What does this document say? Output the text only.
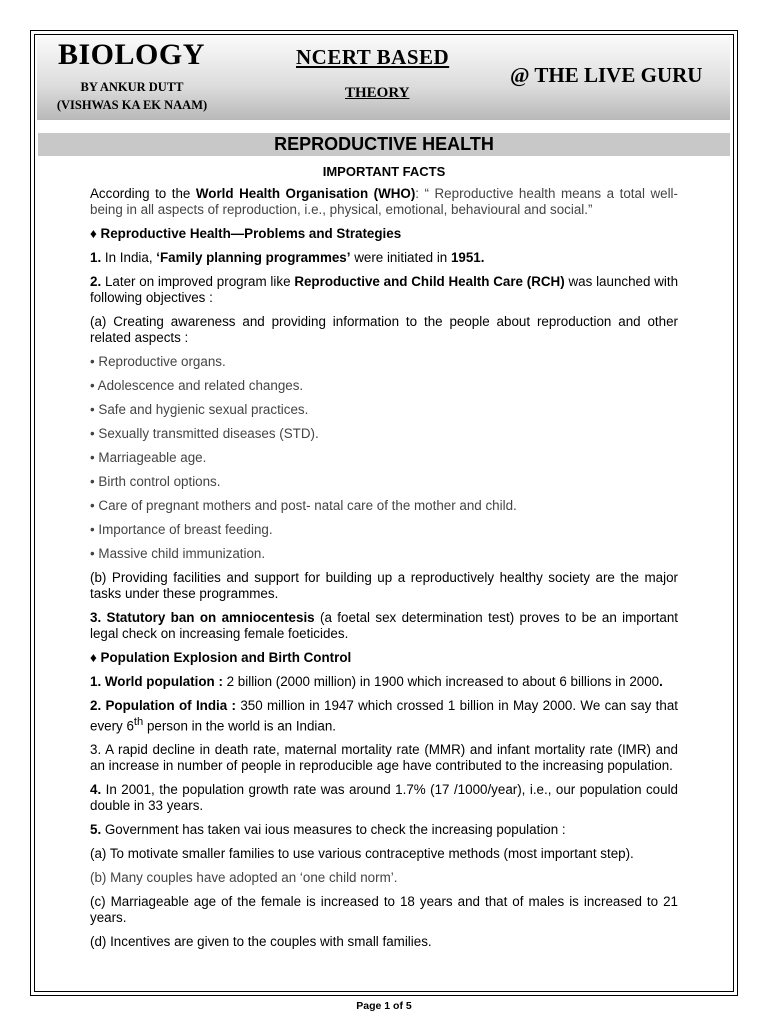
BIOLOGY
BY ANKUR DUTT
(VISHWAS KA EK NAAM)
NCERT BASED
THEORY
@ THE LIVE GURU
REPRODUCTIVE HEALTH
IMPORTANT FACTS

According to the World Health Organisation (WHO): “ Reproductive health means a total well-being in all aspects of reproduction, i.e., physical, emotional, behavioural and social.”

♦ Reproductive Health—Problems and Strategies

1. In India, ‘Family planning programmes’ were initiated in 1951.

2. Later on improved program like Reproductive and Child Health Care (RCH) was launched with following objectives :

(a) Creating awareness and providing information to the people about reproduction and other related aspects :

• Reproductive organs.

• Adolescence and related changes.

• Safe and hygienic sexual practices.

• Sexually transmitted diseases (STD).

• Marriageable age.

• Birth control options.

• Care of pregnant mothers and post- natal care of the mother and child.

• Importance of breast feeding.

• Massive child immunization.

(b) Providing facilities and support for building up a reproductively healthy society are the major tasks under these programmes.

3. Statutory ban on amniocentesis (a foetal sex determination test) proves to be an important legal check on increasing female foeticides.

♦ Population Explosion and Birth Control

1. World population : 2 billion (2000 million) in 1900 which increased to about 6 billions in 2000.

2. Population of India : 350 million in 1947 which crossed 1 billion in May 2000. We can say that every 6th person in the world is an Indian.

3. A rapid decline in death rate, maternal mortality rate (MMR) and infant mortality rate (IMR) and an increase in number of people in reproducible age have contributed to the increasing population.

4. In 2001, the population growth rate was around 1.7% (17 /1000/year), i.e., our population could double in 33 years.

5. Government has taken vai ious measures to check the increasing population :

(a) To motivate smaller families to use various contraceptive methods (most important step).

(b) Many couples have adopted an ‘one child norm’.

(c) Marriageable age of the female is increased to 18 years and that of males is increased to 21 years.

(d) Incentives are given to the couples with small families.

Page 1 of 5
